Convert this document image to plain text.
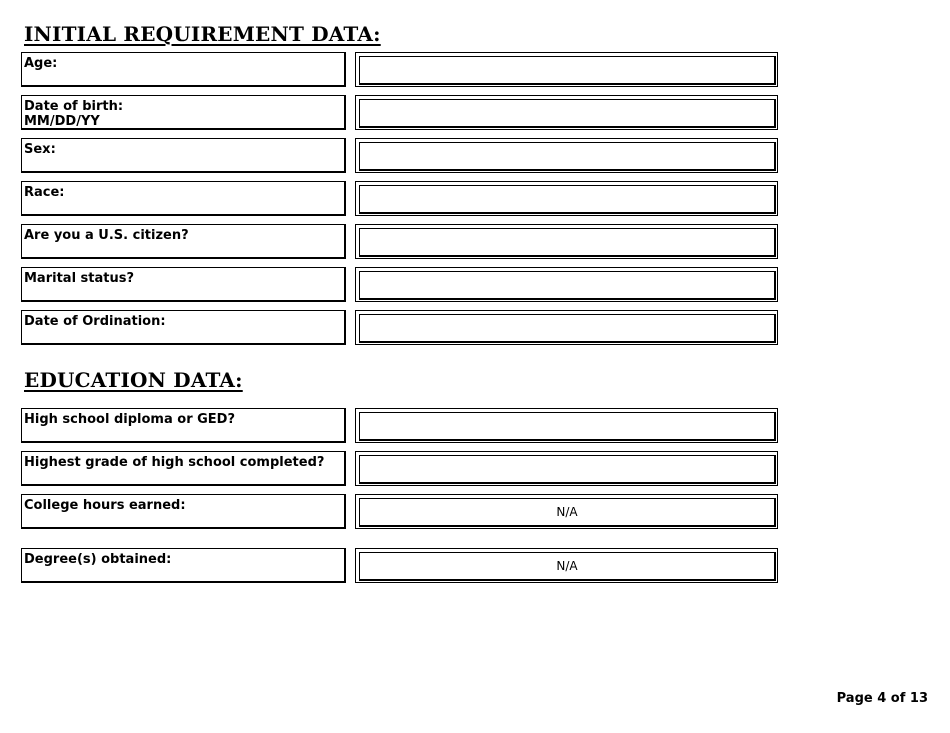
INITIAL REQUIREMENT DATA:
Age:
Date of birth:
MM/DD/YY
Sex:
Race:
Are you a U.S. citizen?
Marital status?
Date of Ordination:
EDUCATION DATA:
High school diploma or GED?
Highest grade of high school completed?
College hours earned:	N/A
Degree(s) obtained:	N/A
Page 4 of 13
